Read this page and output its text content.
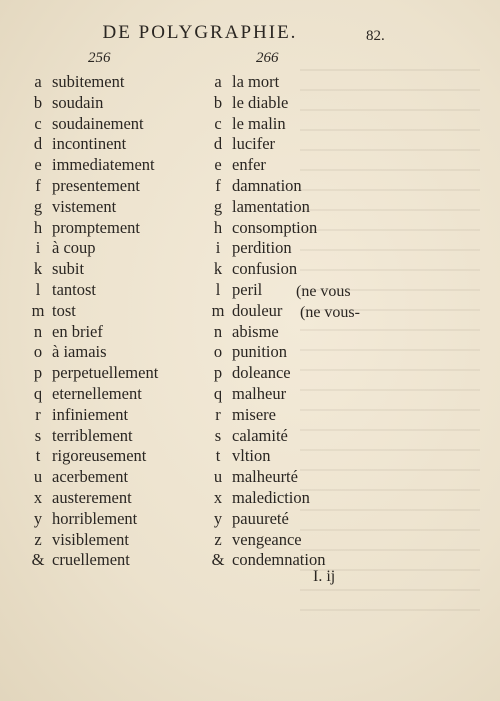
DE POLYGRAPHIE.	82.
256	266
a subitement
b soudain
c soudainement
d incontinent
e immediatement
f presentement
g vistement
h promptement
i à coup
k subit
l tantost
m tost
n en brief
o à iamais
p perpetuellement
q eternellement
r infiniement
s terriblement
t rigoreusement
u acerbement
x austerement
y horriblement
z visiblement
& cruellement
a la mort
b le diable
c le malin
d lucifer
e enfer
f damnation
g lamentation
h consomption
i perdition
k confusion
l peril
m douleur
n abisme
o punition
p doleance
q malheur
r misere
s calamité
t vltion
u malheurté
x malediction
y pauureté
z vengeance
& condemnation
(ne vous
(ne vous-
I. ij
